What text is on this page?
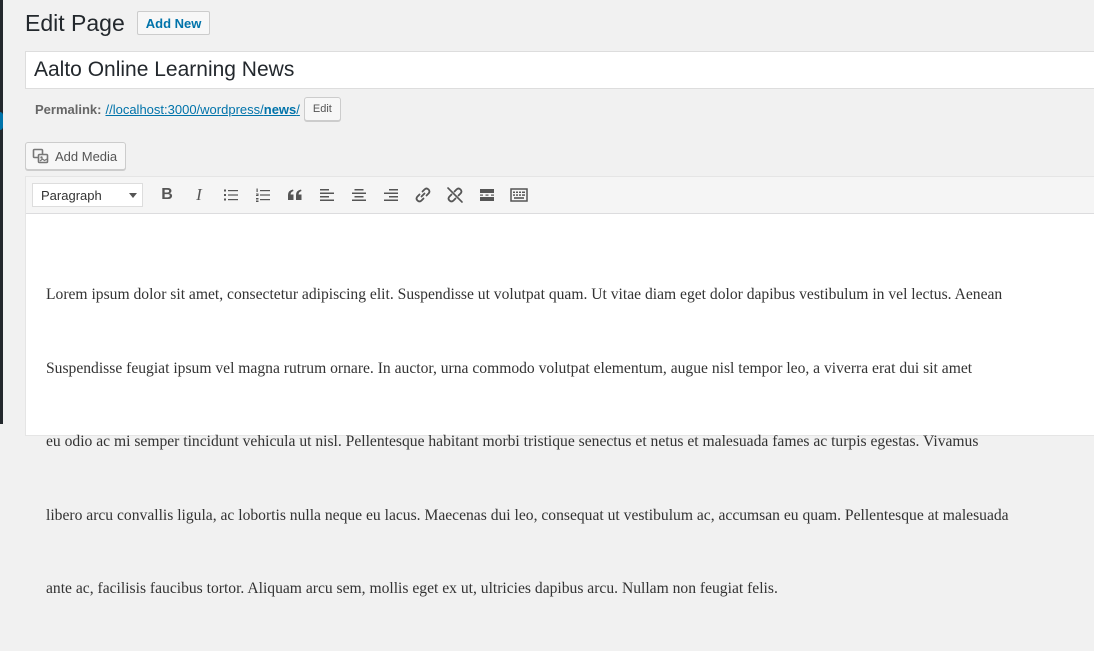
Edit Page	Add New
Aalto Online Learning News
Permalink: //localhost:3000/wordpress/news/	Edit
Add Media
Paragraph	B I

Lorem ipsum dolor sit amet, consectetur adipiscing elit. Suspendisse ut volutpat quam. Ut vitae diam eget dolor dapibus vestibulum in vel lectus. Aenean

Suspendisse feugiat ipsum vel magna rutrum ornare. In auctor, urna commodo volutpat elementum, augue nisl tempor leo, a viverra erat dui sit amet

eu odio ac mi semper tincidunt vehicula ut nisl. Pellentesque habitant morbi tristique senectus et netus et malesuada fames ac turpis egestas. Vivamus

libero arcu convallis ligula, ac lobortis nulla neque eu lacus. Maecenas dui leo, consequat ut vestibulum ac, accumsan eu quam. Pellentesque at malesuada

ante ac, facilisis faucibus tortor. Aliquam arcu sem, mollis eget ex ut, ultricies dapibus arcu. Nullam non feugiat felis.
